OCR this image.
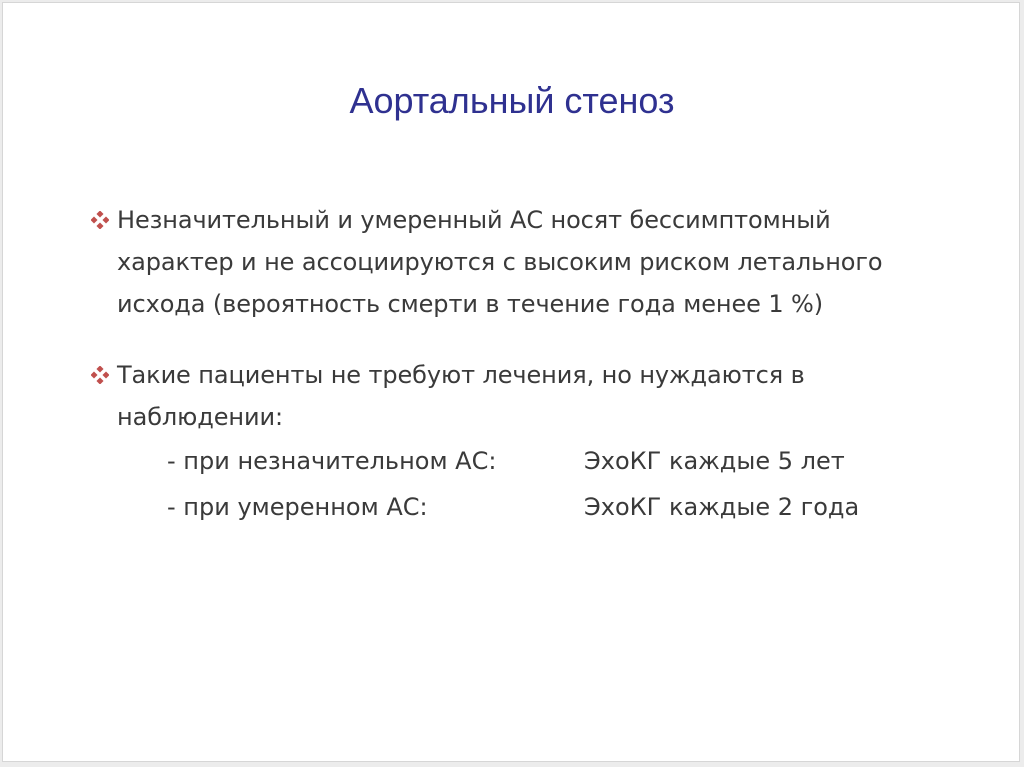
Аортальный стеноз
Незначительный и умеренный АС носят бессимптомный
характер и не ассоциируются с высоким риском летального
исхода (вероятность смерти в течение года менее 1 %)
Такие пациенты не требуют лечения, но нуждаются в
наблюдении:
- при незначительном АС:	ЭхоКГ каждые 5 лет
- при умеренном АС:	ЭхоКГ каждые 2 года
